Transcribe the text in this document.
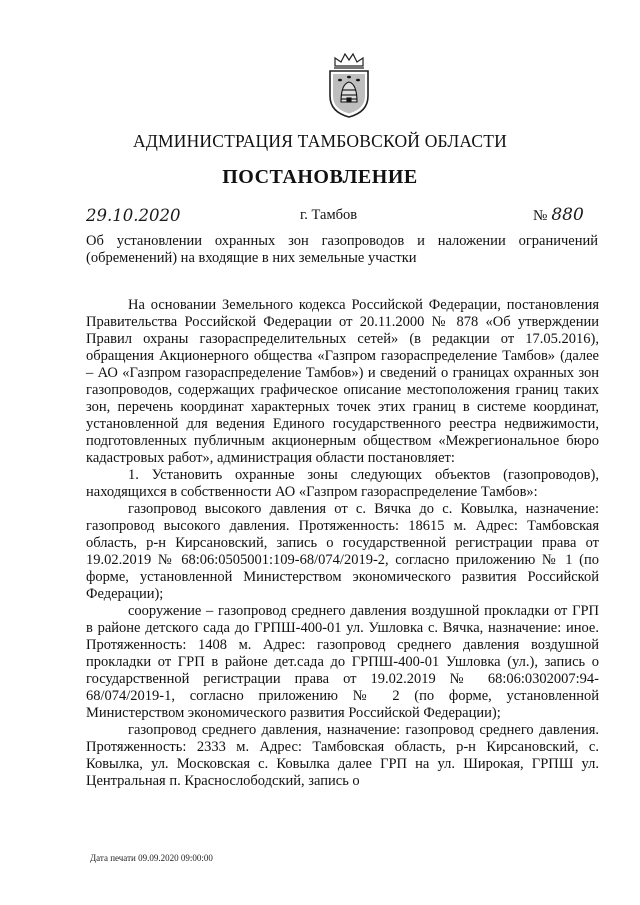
АДМИНИСТРАЦИЯ ТАМБОВСКОЙ ОБЛАСТИ
ПОСТАНОВЛЕНИЕ
29.10.2020	г. Тамбов	№ 880
Об установлении охранных зон газопроводов и наложении ограничений (обременений) на входящие в них земельные участки

На основании Земельного кодекса Российской Федерации, постановления Правительства Российской Федерации от 20.11.2000 № 878 «Об утверждении Правил охраны газораспределительных сетей» (в редакции от 17.05.2016), обращения Акционерного общества «Газпром газораспределение Тамбов» (далее – АО «Газпром газораспределение Тамбов») и сведений о границах охранных зон газопроводов, содержащих графическое описание местоположения границ таких зон, перечень координат характерных точек этих границ в системе координат, установленной для ведения Единого государственного реестра недвижимости, подготовленных публичным акционерным обществом «Межрегиональное бюро кадастровых работ», администрация области постановляет:

1. Установить охранные зоны следующих объектов (газопроводов), находящихся в собственности АО «Газпром газораспределение Тамбов»:

газопровод высокого давления от с. Вячка до с. Ковылка, назначение: газопровод высокого давления. Протяженность: 18615 м. Адрес: Тамбовская область, р-н Кирсановский, запись о государственной регистрации права от 19.02.2019 № 68:06:0505001:109-68/074/2019-2, согласно приложению № 1 (по форме, установленной Министерством экономического развития Российской Федерации);

сооружение – газопровод среднего давления воздушной прокладки от ГРП в районе детского сада до ГРПШ-400-01 ул. Ушловка с. Вячка, назначение: иное. Протяженность: 1408 м. Адрес: газопровод среднего давления воздушной прокладки от ГРП в районе дет.сада до ГРПШ-400-01 Ушловка (ул.), запись о государственной регистрации права от 19.02.2019 № 68:06:0302007:94-68/074/2019-1, согласно приложению № 2 (по форме, установленной Министерством экономического развития Российской Федерации);

газопровод среднего давления, назначение: газопровод среднего давления. Протяженность: 2333 м. Адрес: Тамбовская область, р-н Кирсановский, с. Ковылка, ул. Московская с. Ковылка далее ГРП на ул. Широкая, ГРПШ ул. Центральная п. Краснослободский, запись о

Дата печати 09.09.2020 09:00:00
